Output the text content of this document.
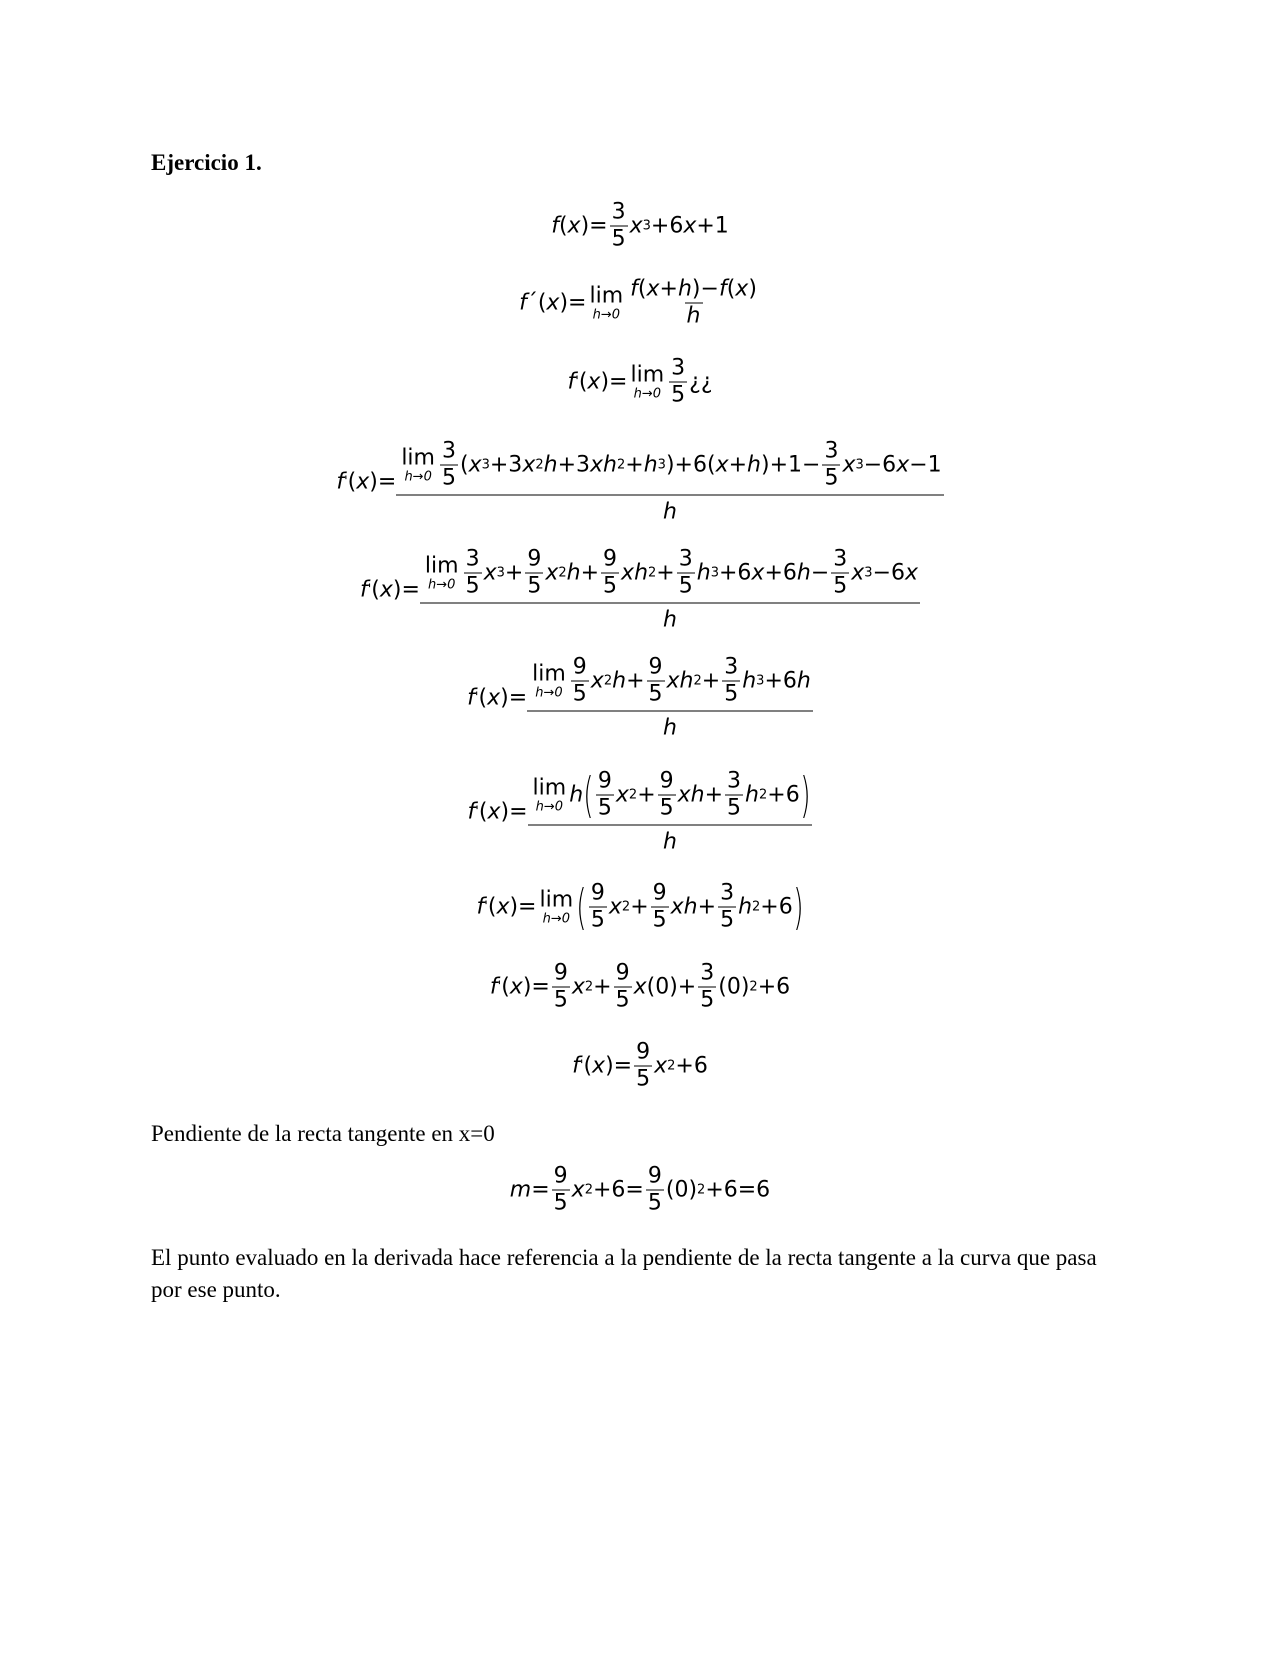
Ejercicio 1.
f ( x )= $\frac{3}{5}$ x 3 +6 x +1
f ´( x )= lim
$h\to 0 \frac{f(x+h)-f(x)}{h}$
f ' ( x )= lim
$h\to 0 \frac{3}{5}$ ¿¿
f ' ( x )= lim
$h\to 0 \frac{3}{5}$ ( x 3 +3 x 2 h +3 x h 2 + h 3 )+6( x + h )$+1- \frac{3}{5}$ x 3 −6 x −1
h
f ' ( x )= lim
$h\to 0 \frac{3}{5}$ x $3 + \frac{9}{5}$ x 2 $h + \frac{9}{5}$ x h $2 + \frac{3}{5}$ h 3 +6 x +6 $h - \frac{3}{5}$ x 3 −6 x
h
f ' ( x )= lim
$h\to 0 \frac{9}{5}$ x 2 $h + \frac{9}{5}$ x h $2 + \frac{3}{5}$ h 3 +6 h
h
f ' ( x )= lim
h→0 h ( $\frac{9}{5}$ x $2 + \frac{9}{5}$ x $h + \frac{3}{5}$ h 2 +6 )
h
f ' ( x )= lim
h→0 ( $\frac{9}{5}$ x $2 + \frac{9}{5}$ x $h + \frac{3}{5}$ h 2 +6 )
f ' ( x )= $\frac{9}{5}$ x $2 + \frac{9}{5}$ x $(0)+ \frac{3}{5} (0)$ 2 +6
f ' ( x )= $\frac{9}{5}$ x 2 +6
Pendiente de la recta tangente en x=0
$m = \frac{9}{5}$ x $2 +6= \frac{9}{5} (0)$ 2 +6=6
El punto evaluado en la derivada hace referencia a la pendiente de la recta tangente a la curva que pasa por ese punto.
